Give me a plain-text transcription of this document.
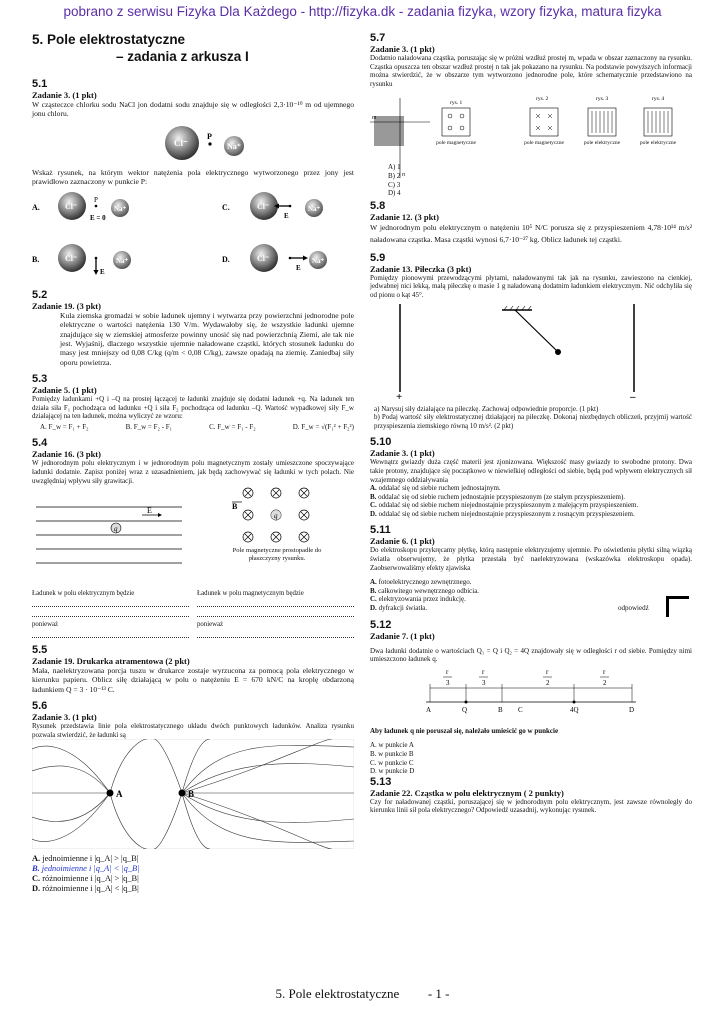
pobrano z serwisu Fizyka Dla Każdego - http://fizyka.dk - zadania fizyka, wzory fizyka, matura fizyka
5. Pole elektrostatyczne
– zadania z arkusza I
5.1
Zadanie 3. (1 pkt)

W cząsteczce chlorku sodu NaCl jon dodatni sodu znajduje się w odległości 2,3·10⁻¹⁰ m od ujemnego jonu chloru.

Cl⁻	Na⁺
P

Wskaż rysunek, na którym wektor natężenia pola elektrycznego wytworzonego przez jony jest prawidłowo zaznaczony w punkcie P:

A.	Cl⁻	Na⁺
P
E = 0
C.	Cl⁻	Na⁺
E
B.	Cl⁻	Na⁺
E
D.	Cl⁻	Na⁺
E
5.2
Zadanie 19. (3 pkt)

Kula ziemska gromadzi w sobie ładunek ujemny i wytwarza przy powierzchni jednorodne pole elektryczne o wartości natężenia 130 V/m. Wydawałoby się, że wszystkie ładunki ujemne znajdujące się w ziemskiej atmosferze powinny unosić się nad powierzchnią Ziemi, ale tak nie jest. Wyjaśnij, dlaczego wszystkie ujemnie naładowane cząstki, których stosunek ładunku do masy jest mniejszy od 0,08 C/kg (q/m < 0,08 C/kg), zawsze opadają na ziemię. Zaniedbaj siły oporu powietrza.

5.3
Zadanie 5. (1 pkt)

Pomiędzy ładunkami +Q i –Q na prostej łączącej te ładunki znajduje się dodatni ładunek +q. Na ładunek ten działa siła F₁ pochodząca od ładunku +Q i siła F₂ pochodząca od ładunku –Q. Wartość wypadkowej siły F_w działającej na ten ładunek, można wyliczyć ze wzoru:

A. F_w = F₁ + F₂	B. F_w = F₂ - F₁	C. F_w = F₁ - F₂	D. F_w = √(F₁² + F₂²)
5.4
Zadanie 16. (3 pkt)

W jednorodnym polu elektrycznym i w jednorodnym polu magnetycznym zostały umieszczone spoczywające ładunki dodatnie. Zapisz poniżej wraz z uzasadnieniem, jak będą zachowywać się ładunki w tych polach. Nie uwzględniaj wpływu siły grawitacji.

E
q
q
B
Pole magnetyczne prostopadłe do płaszczyzny rysunku.
Ładunek w polu elektrycznym będzie
ponieważ
Ładunek w polu magnetycznym będzie
ponieważ
5.5
Zadanie 19. Drukarka atramentowa (2 pkt)

Mała, naelektryzowana porcja tuszu w drukarce zostaje wyrzucona za pomocą pola elektrycznego w kierunku papieru. Oblicz siłę działającą w polu o natężeniu E = 670 kN/C na kroplę obdarzoną ładunkiem Q = 3 · 10⁻¹³ C.

5.6
Zadanie 3. (1 pkt)

Rysunek przedstawia linie pola elektrostatycznego układu dwóch punktowych ładunków. Analiza rysunku pozwala stwierdzić, że ładunki są

A	B
A. jednoimienne i |q_A| > |q_B|
B. jednoimienne i |q_A| < |q_B|
C. różnoimienne i |q_A| > |q_B|
D. różnoimienne i |q_A| < |q_B|
5.7
Zadanie 3. (1 pkt)

Dodatnio naładowana cząstka, poruszając się w próżni wzdłuż prostej m, wpada w obszar zaznaczony na rysunku. Cząstka opuszcza ten obszar wzdłuż prostej n tak jak pokazano na rysunku. Na podstawie powyższych informacji można stwierdzić, że w obszarze tym wytworzono jednorodne pole, które schematycznie przedstawiono na rysunku

m
n
rys. 1
pole magnetyczne
rys. 2
pole magnetyczne
rys. 3
pole elektryczne
rys. 4
pole elektryczne
A) 1
B) 2
C) 3
D) 4
5.8
Zadanie 12. (3 pkt)

W jednorodnym polu elektrycznym o natężeniu 10⁵ N/C porusza się z przyspieszeniem 4,78·10¹⁴ m/s² naładowana cząstka. Masa cząstki wynosi 6,7·10⁻²⁷ kg. Oblicz ładunek tej cząstki.

5.9
Zadanie 13. Piłeczka (3 pkt)

Pomiędzy pionowymi przewodzącymi płytami, naładowanymi tak jak na rysunku, zawieszono na cienkiej, jedwabnej nici lekką, małą piłeczkę o masie 1 g naładowaną dodatnim ładunkiem elektrycznym. Nić odchyliła się od pionu o kąt 45°.

+	–

a) Narysuj siły działające na piłeczkę. Zachowaj odpowiednie proporcje. (1 pkt)

b) Podaj wartość siły elektrostatycznej działającej na piłeczkę. Dokonaj niezbędnych obliczeń, przyjmij wartość przyspieszenia ziemskiego równą 10 m/s². (2 pkt)

5.10
Zadanie 3. (1 pkt)

Wewnątrz gwiazdy duża część materii jest zjonizowana. Większość masy gwiazdy to swobodne protony. Dwa takie protony, znajdujące się początkowo w niewielkiej odległości od siebie, będą pod wpływem elektrycznych sił wzajemnego oddziaływania

A. oddalać się od siebie ruchem jednostajnym.
B. oddalać się od siebie ruchem jednostajnie przyspieszonym (ze stałym przyspieszeniem).
C. oddalać się od siebie ruchem niejednostajnie przyspieszonym z malejącym przyspieszeniem.
D. oddalać się od siebie ruchem niejednostajnie przyspieszonym z rosnącym przyspieszeniem.
5.11
Zadanie 6. (1 pkt)

Do elektroskopu przykręcamy płytkę, którą następnie elektryzujemy ujemnie. Po oświetleniu płytki silną wiązką światła obserwujemy, że płytka przestała być naelektryzowana (wskazówka elektroskopu opada). Zaobserwowaliśmy efekty zjawiska

A. fotoelektrycznego zewnętrznego.
B. całkowitego wewnętrznego odbicia.
C. elektryzowania przez indukcję.
D. dyfrakcji światła.	odpowiedź
5.12
Zadanie 7. (1 pkt)

Dwa ładunki dodatnie o wartościach Q₁ = Q i Q₂ = 4Q znajdowały się w odległości r od siebie. Pomiędzy nimi umieszczono ładunek q.

r
3
r
3
r
2
r
2
A	Q	B C	4Q	D
Aby ładunek q nie poruszał się, należało umieścić go w punkcie
A. w punkcie A
B. w punkcie B
C. w punkcie C
D. w punkcie D
5.13
Zadanie 22. Cząstka w polu elektrycznym ( 2 punkty)

Czy for naładowanej cząstki, poruszającej się w jednorodnym polu elektrycznym, jest zawsze równoległy do kierunku linii sił pola elektrycznego? Odpowiedź uzasadnij, wykonując rysunek.

5. Pole elektrostatyczne - 1 -
